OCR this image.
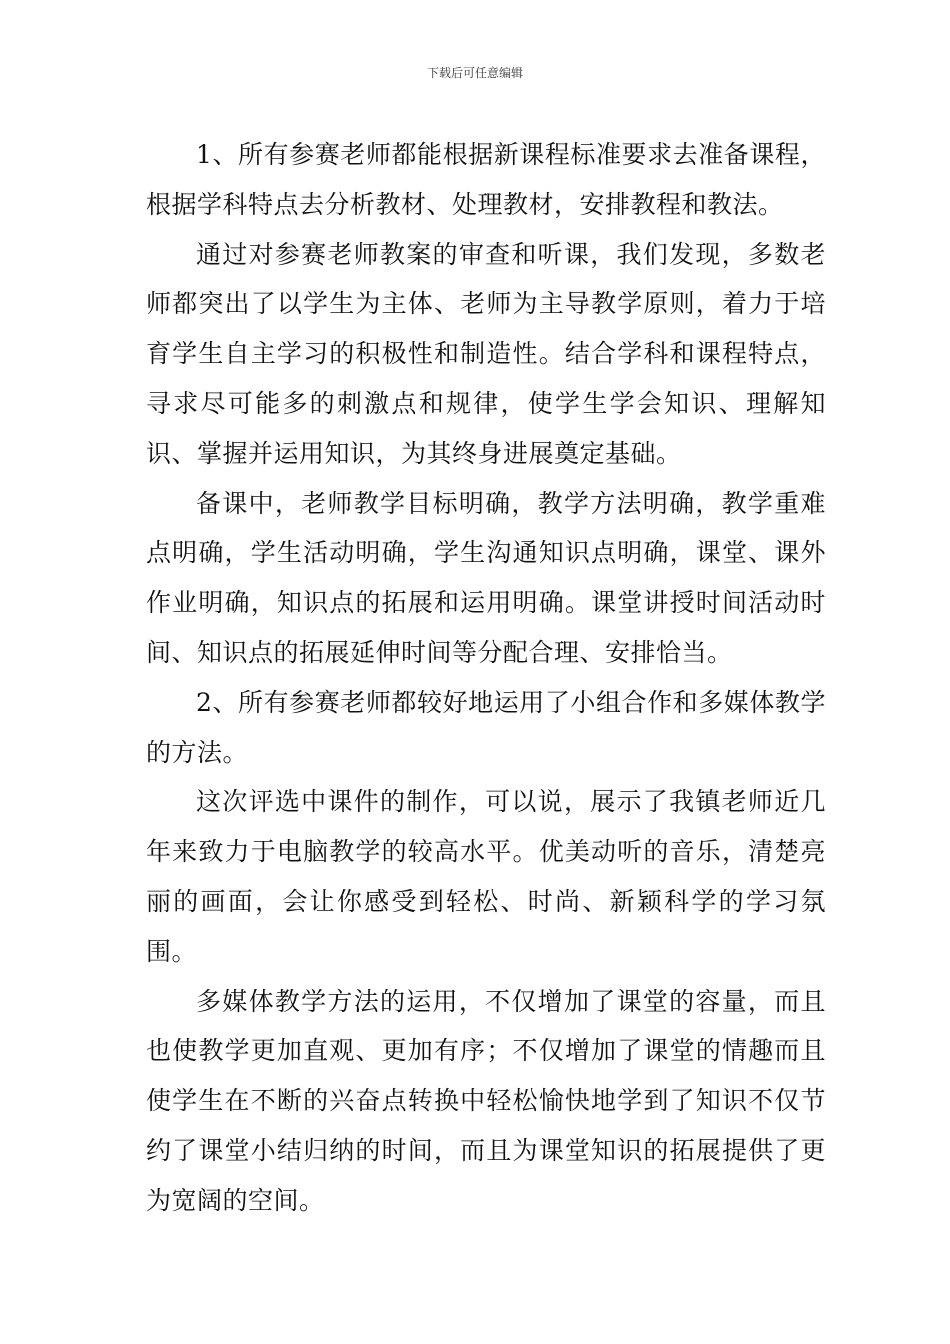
下载后可任意编辑

1、所有参赛老师都能根据新课程标准要求去准备课程，根据学科特点去分析教材、处理教材，安排教程和教法。

通过对参赛老师教案的审查和听课，我们发现，多数老师都突出了以学生为主体、老师为主导教学原则，着力于培育学生自主学习的积极性和制造性。结合学科和课程特点，寻求尽可能多的刺激点和规律，使学生学会知识、理解知识、掌握并运用知识，为其终身进展奠定基础。

备课中，老师教学目标明确，教学方法明确，教学重难点明确，学生活动明确，学生沟通知识点明确，课堂、课外作业明确，知识点的拓展和运用明确。课堂讲授时间活动时间、知识点的拓展延伸时间等分配合理、安排恰当。

2、所有参赛老师都较好地运用了小组合作和多媒体教学的方法。

这次评选中课件的制作，可以说，展示了我镇老师近几年来致力于电脑教学的较高水平。优美动听的音乐，清楚亮丽的画面，会让你感受到轻松、时尚、新颖科学的学习氛围。

多媒体教学方法的运用，不仅增加了课堂的容量，而且也使教学更加直观、更加有序；不仅增加了课堂的情趣而且使学生在不断的兴奋点转换中轻松愉快地学到了知识不仅节约了课堂小结归纳的时间，而且为课堂知识的拓展提供了更为宽阔的空间。
